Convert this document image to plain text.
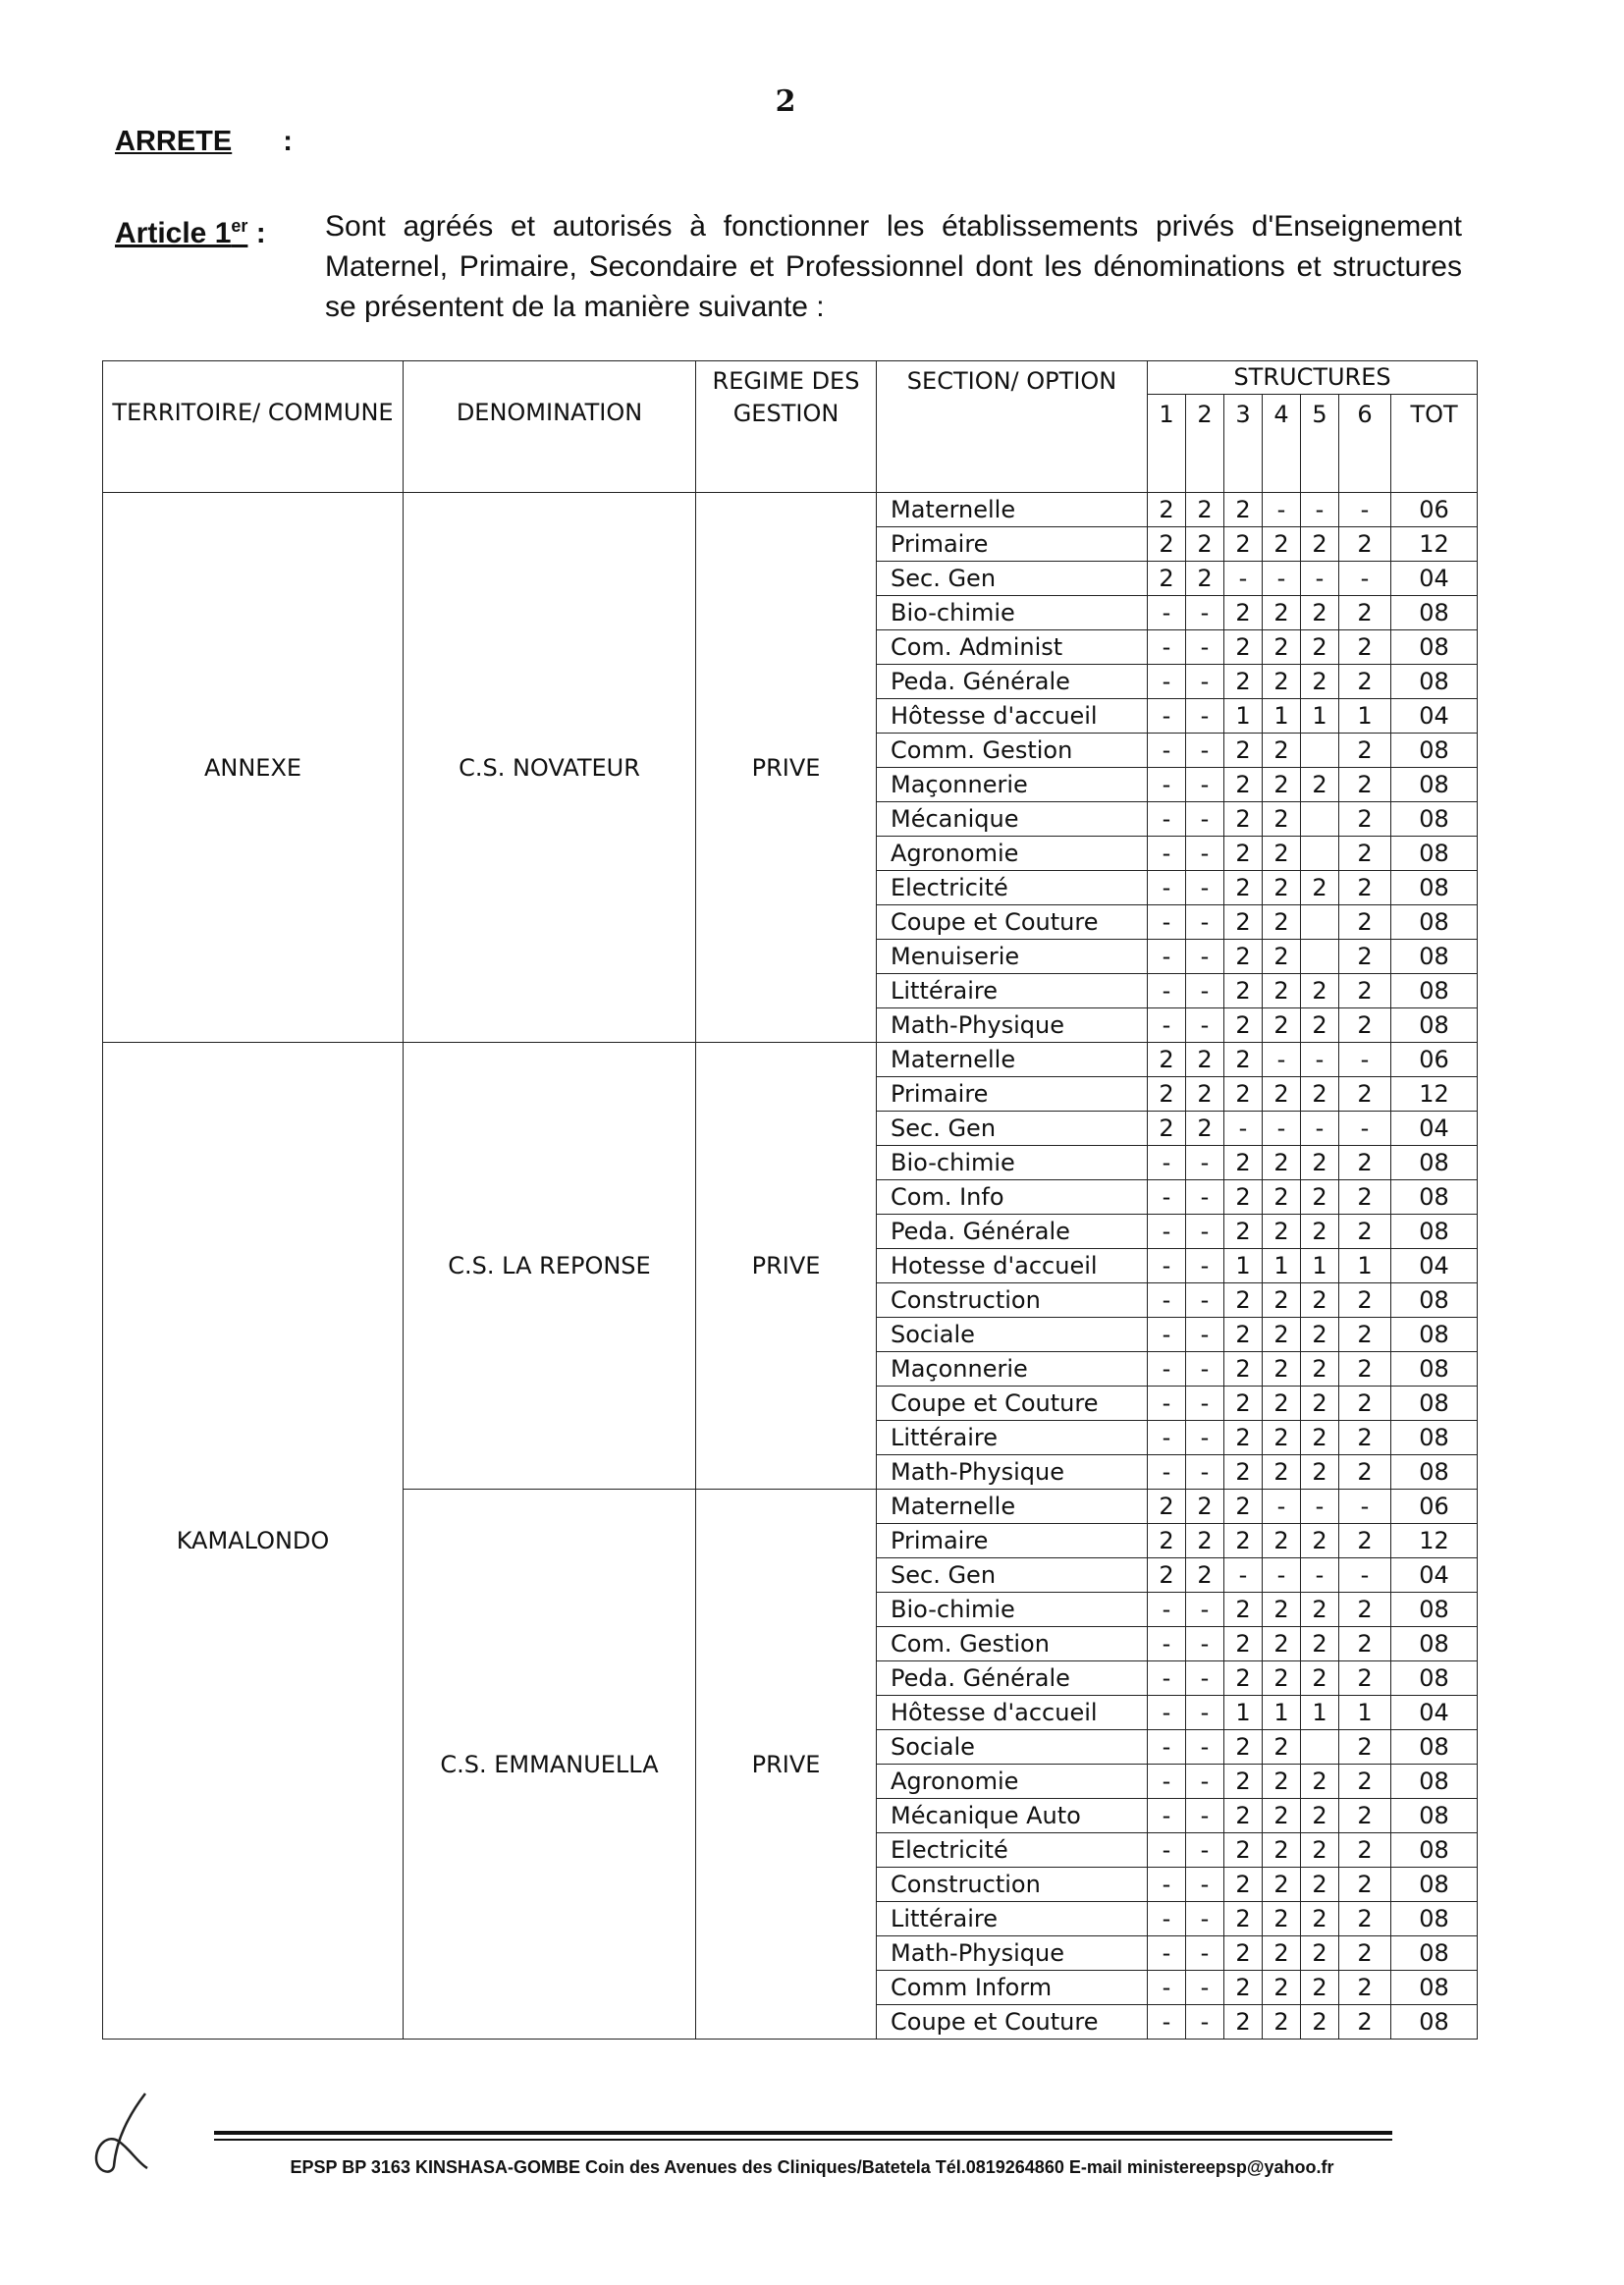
2
ARRETE :
Article 1er : Sont agréés et autorisés à fonctionner les établissements privés d'Enseignement Maternel, Primaire, Secondaire et Professionnel dont les dénominations et structures se présentent de la manière suivante :
TERRITOIRE/ COMMUNE	DENOMINATION	REGIME DES GESTION	SECTION/ OPTION	STRUCTURES						
				1	2	3	4	5	6	TOT
ANNEXE	C.S. NOVATEUR	PRIVE	Maternelle	2	2	2	-	-	-	06
			Primaire	2	2	2	2	2	2	12
			Sec. Gen	2	2	-	-	-	-	04
			Bio-chimie	-	-	2	2	2	2	08
			Com. Administ	-	-	2	2	2	2	08
			Peda. Générale	-	-	2	2	2	2	08
			Hôtesse d'accueil	-	-	1	1	1	1	04
			Comm. Gestion	-	-	2	2		2	08
			Maçonnerie	-	-	2	2	2	2	08
			Mécanique	-	-	2	2		2	08
			Agronomie	-	-	2	2		2	08
			Electricité	-	-	2	2	2	2	08
			Coupe et Couture	-	-	2	2		2	08
			Menuiserie	-	-	2	2		2	08
			Littéraire	-	-	2	2	2	2	08
			Math-Physique	-	-	2	2	2	2	08
KAMALONDO	C.S. LA REPONSE	PRIVE	Maternelle	2	2	2	-	-	-	06
			Primaire	2	2	2	2	2	2	12
			Sec. Gen	2	2	-	-	-	-	04
			Bio-chimie	-	-	2	2	2	2	08
			Com. Info	-	-	2	2	2	2	08
			Peda. Générale	-	-	2	2	2	2	08
			Hotesse d'accueil	-	-	1	1	1	1	04
			Construction	-	-	2	2	2	2	08
			Sociale	-	-	2	2	2	2	08
			Maçonnerie	-	-	2	2	2	2	08
			Coupe et Couture	-	-	2	2	2	2	08
			Littéraire	-	-	2	2	2	2	08
			Math-Physique	-	-	2	2	2	2	08
	C.S. EMMANUELLA	PRIVE	Maternelle	2	2	2	-	-	-	06
			Primaire	2	2	2	2	2	2	12
			Sec. Gen	2	2	-	-	-	-	04
			Bio-chimie	-	-	2	2	2	2	08
			Com. Gestion	-	-	2	2	2	2	08
			Peda. Générale	-	-	2	2	2	2	08
			Hôtesse d'accueil	-	-	1	1	1	1	04
			Sociale	-	-	2	2		2	08
			Agronomie	-	-	2	2	2	2	08
			Mécanique Auto	-	-	2	2	2	2	08
			Electricité	-	-	2	2	2	2	08
			Construction	-	-	2	2	2	2	08
			Littéraire	-	-	2	2	2	2	08
			Math-Physique	-	-	2	2	2	2	08
			Comm Inform	-	-	2	2	2	2	08
			Coupe et Couture	-	-	2	2	2	2	08
EPSP BP 3163 KINSHASA-GOMBE Coin des Avenues des Cliniques/Batetela Tél.0819264860 E-mail ministereepsp@yahoo.fr
